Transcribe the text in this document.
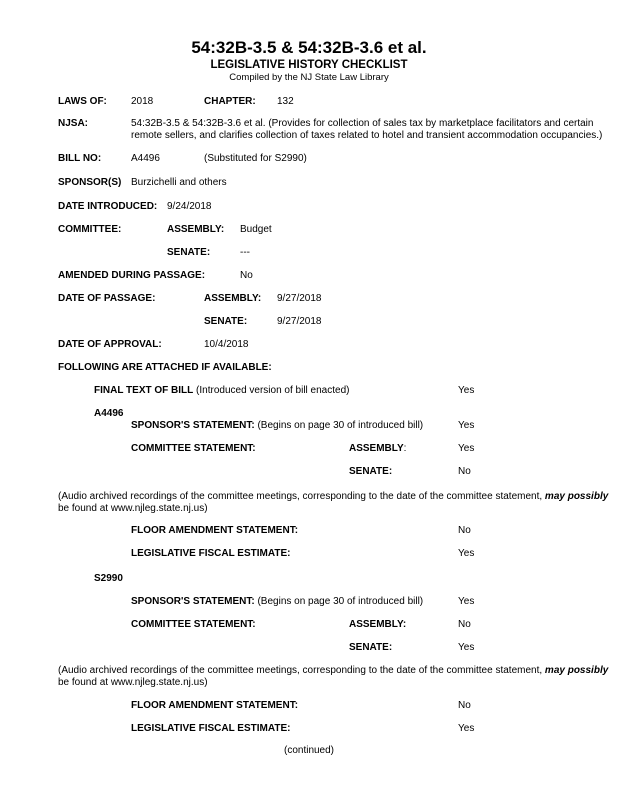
54:32B-3.5 & 54:32B-3.6 et al.
LEGISLATIVE HISTORY CHECKLIST
Compiled by the NJ State Law Library
LAWS OF: 2018	CHAPTER: 132
NJSA:	54:32B-3.5 & 54:32B-3.6 et al. (Provides for collection of sales tax by marketplace facilitators and certain
remote sellers, and clarifies collection of taxes related to hotel and transient accommodation occupancies.)
BILL NO:	A4496	(Substituted for S2990)
SPONSOR(S) Burzichelli and others
DATE INTRODUCED: 9/24/2018
COMMITTEE:	ASSEMBLY: Budget
SENATE:	---
AMENDED DURING PASSAGE:	No
DATE OF PASSAGE:	ASSEMBLY: 9/27/2018
SENATE:	9/27/2018
DATE OF APPROVAL:	10/4/2018
FOLLOWING ARE ATTACHED IF AVAILABLE:
FINAL TEXT OF BILL (Introduced version of bill enacted)	Yes
A4496
SPONSOR'S STATEMENT: (Begins on page 30 of introduced bill)	Yes
COMMITTEE STATEMENT:	ASSEMBLY:	Yes
SENATE:	No
(Audio archived recordings of the committee meetings, corresponding to the date of the committee statement, may possibly
be found at www.njleg.state.nj.us)
FLOOR AMENDMENT STATEMENT:	No
LEGISLATIVE FISCAL ESTIMATE:	Yes
S2990
SPONSOR'S STATEMENT: (Begins on page 30 of introduced bill)	Yes
COMMITTEE STATEMENT:	ASSEMBLY:	No
SENATE:	Yes
(Audio archived recordings of the committee meetings, corresponding to the date of the committee statement, may possibly
be found at www.njleg.state.nj.us)
FLOOR AMENDMENT STATEMENT:	No
LEGISLATIVE FISCAL ESTIMATE:	Yes
(continued)
